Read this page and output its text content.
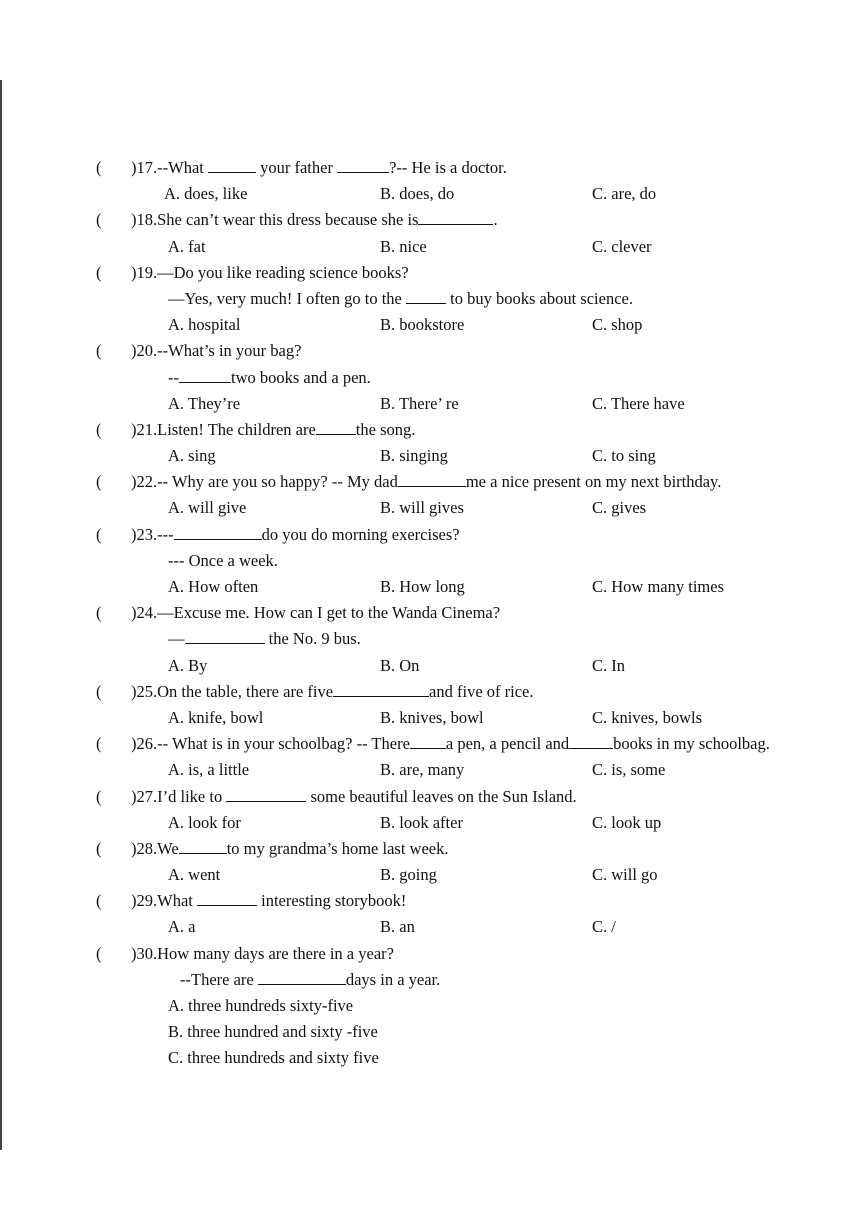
( )17.--What	your father	?-- He is a doctor.
A. does, like	B. does, do	C. are, do
( )18.She can’t wear this dress because she is	.
A. fat	B. nice	C. clever
( )19.—Do you like reading science books?
—Yes, very much! I often go to the  to buy books about science.
A. hospital	B. bookstore	C. shop
( )20.--What’s in your bag?
--	two books and a pen.
A. They’re	B. There’ re	C. There have
( )21.Listen! The children are the song.
A. sing	B. singing	C. to sing
( )22.-- Why are you so happy? -- My dad	me a nice present on my next birthday.
A. will give	B. will gives	C. gives
( )23.---	do you do morning exercises?
--- Once a week.
A. How often	B. How long	C. How many times
( )24.—Excuse me. How can I get to the Wanda Cinema?
—	the No. 9 bus.
A. By	B. On	C. In
( )25.On the table, there are five	and five of rice.
A. knife, bowl	B. knives, bowl	C. knives, bowls
( )26.-- What is in your schoolbag? -- There a pen, a pencil and	books in my schoolbag.
A. is, a little	B. are, many	C. is, some
( )27.I’d like to	some beautiful leaves on the Sun Island.
A. look for	B. look after	C. look up
( )28.We	to my grandma’s home last week.
A. went	B. going	C. will go
( )29.What	interesting storybook!
A. a	B. an	C. /
( )30.How many days are there in a year?
--There are	days in a year.
A. three hundreds sixty-five
B. three hundred and sixty -five
C. three hundreds and sixty five
